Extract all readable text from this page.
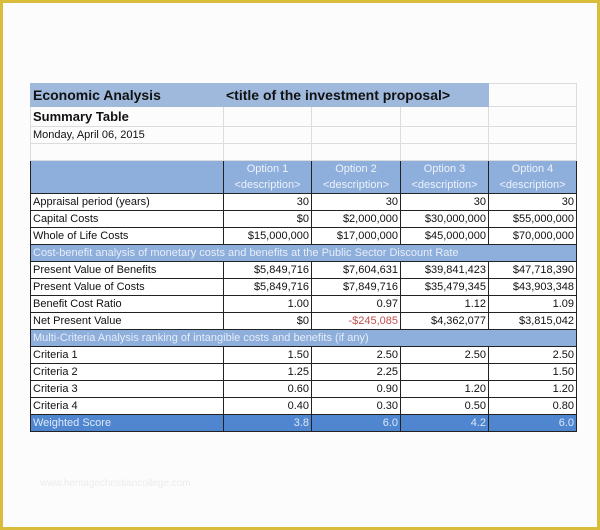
Economic Analysis	<title of the investment proposal>			
Summary Table				
Monday, April 06, 2015				

	Option 1	Option 2	Option 3	Option 4
	<description>	<description>	<description>	<description>
Appraisal period (years)	30	30	30	30
Capital Costs	$0	$2,000,000	$30,000,000	$55,000,000
Whole of Life Costs	$15,000,000	$17,000,000	$45,000,000	$70,000,000
Cost-benefit analysis of monetary costs and benefits at the Public Sector Discount Rate				
Present Value of Benefits	$5,849,716	$7,604,631	$39,841,423	$47,718,390
Present Value of Costs	$5,849,716	$7,849,716	$35,479,345	$43,903,348
Benefit Cost Ratio	1.00	0.97	1.12	1.09
Net Present Value	$0	-$245,085	$4,362,077	$3,815,042
Multi-Criteria Analysis ranking of intangible costs and benefits (if any)				
Criteria 1	1.50	2.50	2.50	2.50
Criteria 2	1.25	2.25		1.50
Criteria 3	0.60	0.90	1.20	1.20
Criteria 4	0.40	0.30	0.50	0.80
Weighted Score	3.8	6.0	4.2	6.0
www.heritagechristiancollege.com
